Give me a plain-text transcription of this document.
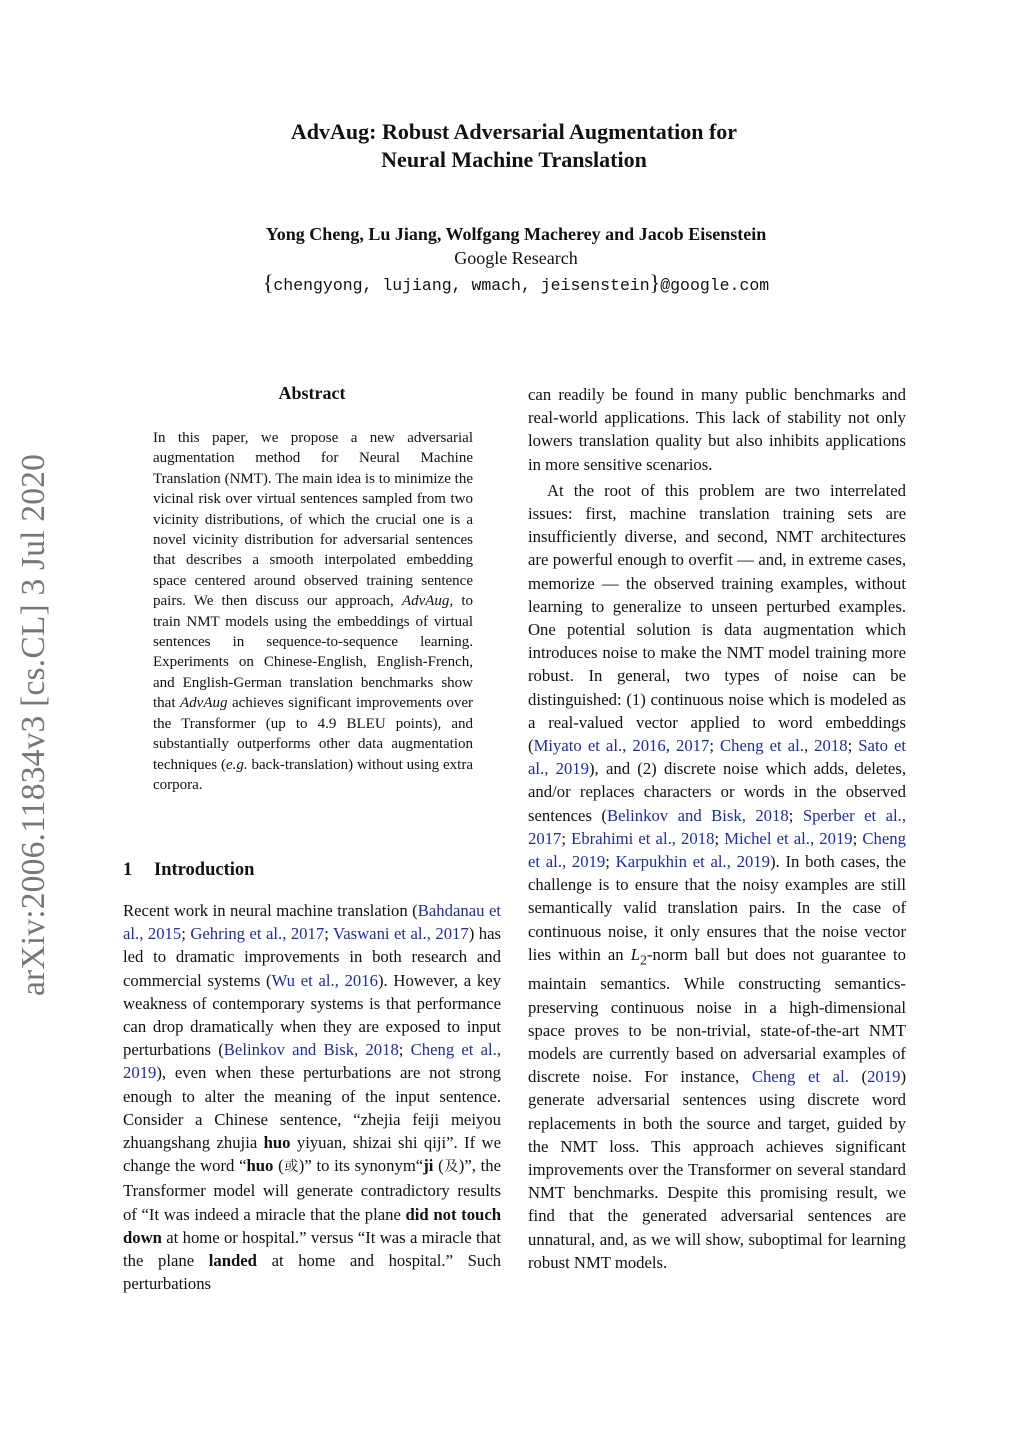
arXiv:2006.11834v3 [cs.CL] 3 Jul 2020
AdvAug: Robust Adversarial Augmentation for
Neural Machine Translation
Yong Cheng, Lu Jiang, Wolfgang Macherey and Jacob Eisenstein
Google Research
{chengyong, lujiang, wmach, jeisenstein}@google.com
Abstract

In this paper, we propose a new adversarial augmentation method for Neural Machine Translation (NMT). The main idea is to minimize the vicinal risk over virtual sentences sampled from two vicinity distributions, of which the crucial one is a novel vicinity distribution for adversarial sentences that describes a smooth interpolated embedding space centered around observed training sentence pairs. We then discuss our approach, AdvAug, to train NMT models using the embeddings of virtual sentences in sequence-to-sequence learning. Experiments on Chinese-English, English-French, and English-German translation benchmarks show that AdvAug achieves significant improvements over the Transformer (up to 4.9 BLEU points), and substantially outperforms other data augmentation techniques (e.g. back-translation) without using extra corpora.

1 Introduction

Recent work in neural machine translation (Bahdanau et al., 2015; Gehring et al., 2017; Vaswani et al., 2017) has led to dramatic improvements in both research and commercial systems (Wu et al., 2016). However, a key weakness of contemporary systems is that performance can drop dramatically when they are exposed to input perturbations (Belinkov and Bisk, 2018; Cheng et al., 2019), even when these perturbations are not strong enough to alter the meaning of the input sentence. Consider a Chinese sentence, “zhejia feiji meiyou zhuangshang zhujia huo yiyuan, shizai shi qiji”. If we change the word “huo (或)” to its synonym“ji (及)”, the Transformer model will generate contradictory results of “It was indeed a miracle that the plane did not touch down at home or hospital.” versus “It was a miracle that the plane landed at home and hospital.” Such perturbations

can readily be found in many public benchmarks and real-world applications. This lack of stability not only lowers translation quality but also inhibits applications in more sensitive scenarios.

At the root of this problem are two interrelated issues: first, machine translation training sets are insufficiently diverse, and second, NMT architectures are powerful enough to overfit — and, in extreme cases, memorize — the observed training examples, without learning to generalize to unseen perturbed examples. One potential solution is data augmentation which introduces noise to make the NMT model training more robust. In general, two types of noise can be distinguished: (1) continuous noise which is modeled as a real-valued vector applied to word embeddings (Miyato et al., 2016, 2017; Cheng et al., 2018; Sato et al., 2019), and (2) discrete noise which adds, deletes, and/or replaces characters or words in the observed sentences (Belinkov and Bisk, 2018; Sperber et al., 2017; Ebrahimi et al., 2018; Michel et al., 2019; Cheng et al., 2019; Karpukhin et al., 2019). In both cases, the challenge is to ensure that the noisy examples are still semantically valid translation pairs. In the case of continuous noise, it only ensures that the noise vector lies within an $L_2$-norm ball but does not guarantee to maintain semantics. While constructing semantics-preserving continuous noise in a high-dimensional space proves to be non-trivial, state-of-the-art NMT models are currently based on adversarial examples of discrete noise. For instance, Cheng et al. (2019) generate adversarial sentences using discrete word replacements in both the source and target, guided by the NMT loss. This approach achieves significant improvements over the Transformer on several standard NMT benchmarks. Despite this promising result, we find that the generated adversarial sentences are unnatural, and, as we will show, suboptimal for learning robust NMT models.
